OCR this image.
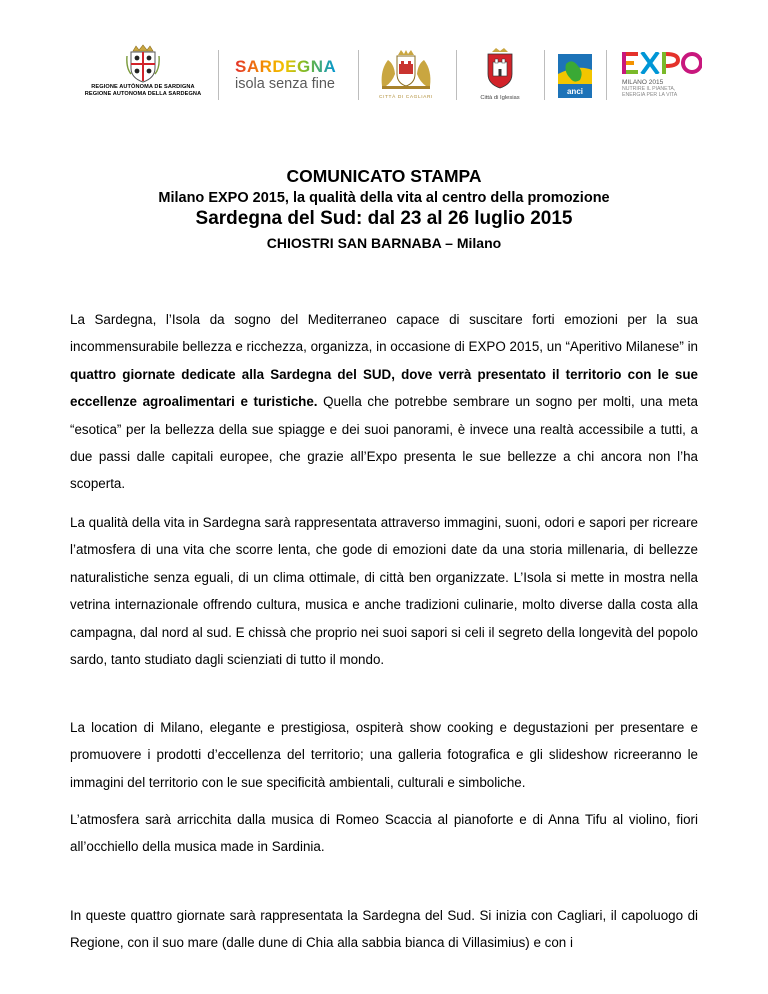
REGIONE AUTÒNOMA DE SARDIGNA
REGIONE AUTONOMA DELLA SARDEGNA
SARDEGNA
isola senza fine
CITTÀ DI CAGLIARI	Città di Iglesias
anci
MILANO 2015
NUTRIRE IL PIANETA,
ENERGIA PER LA VITA
COMUNICATO STAMPA
Milano EXPO 2015, la qualità della vita al centro della promozione
Sardegna del Sud: dal 23 al 26 luglio 2015
CHIOSTRI SAN BARNABA – Milano

La Sardegna, l’Isola da sogno del Mediterraneo capace di suscitare forti emozioni per la sua incommensurabile bellezza e ricchezza, organizza, in occasione di EXPO 2015, un “Aperitivo Milanese” in quattro giornate dedicate alla Sardegna del SUD, dove verrà presentato il territorio con le sue eccellenze agroalimentari e turistiche. Quella che potrebbe sembrare un sogno per molti, una meta “esotica” per la bellezza della sue spiagge e dei suoi panorami, è invece una realtà accessibile a tutti, a due passi dalle capitali europee, che grazie all’Expo presenta le sue bellezze a chi ancora non l’ha scoperta.

La qualità della vita in Sardegna sarà rappresentata attraverso immagini, suoni, odori e sapori per ricreare l’atmosfera di una vita che scorre lenta, che gode di emozioni date da una storia millenaria, di bellezze naturalistiche senza eguali, di un clima ottimale, di città ben organizzate. L’Isola si mette in mostra nella vetrina internazionale offrendo cultura, musica e anche tradizioni culinarie, molto diverse dalla costa alla campagna, dal nord al sud. E chissà che proprio nei suoi sapori si celi il segreto della longevità del popolo sardo, tanto studiato dagli scienziati di tutto il mondo.

La location di Milano, elegante e prestigiosa, ospiterà show cooking e degustazioni per presentare e promuovere i prodotti d’eccellenza del territorio; una galleria fotografica e gli slideshow ricreeranno le immagini del territorio con le sue specificità ambientali, culturali e simboliche.

L’atmosfera sarà arricchita dalla musica di Romeo Scaccia al pianoforte e di Anna Tifu al violino, fiori all’occhiello della musica made in Sardinia.

In queste quattro giornate sarà rappresentata la Sardegna del Sud. Si inizia con Cagliari, il capoluogo di Regione, con il suo mare (dalle dune di Chia alla sabbia bianca di Villasimius) e con i
